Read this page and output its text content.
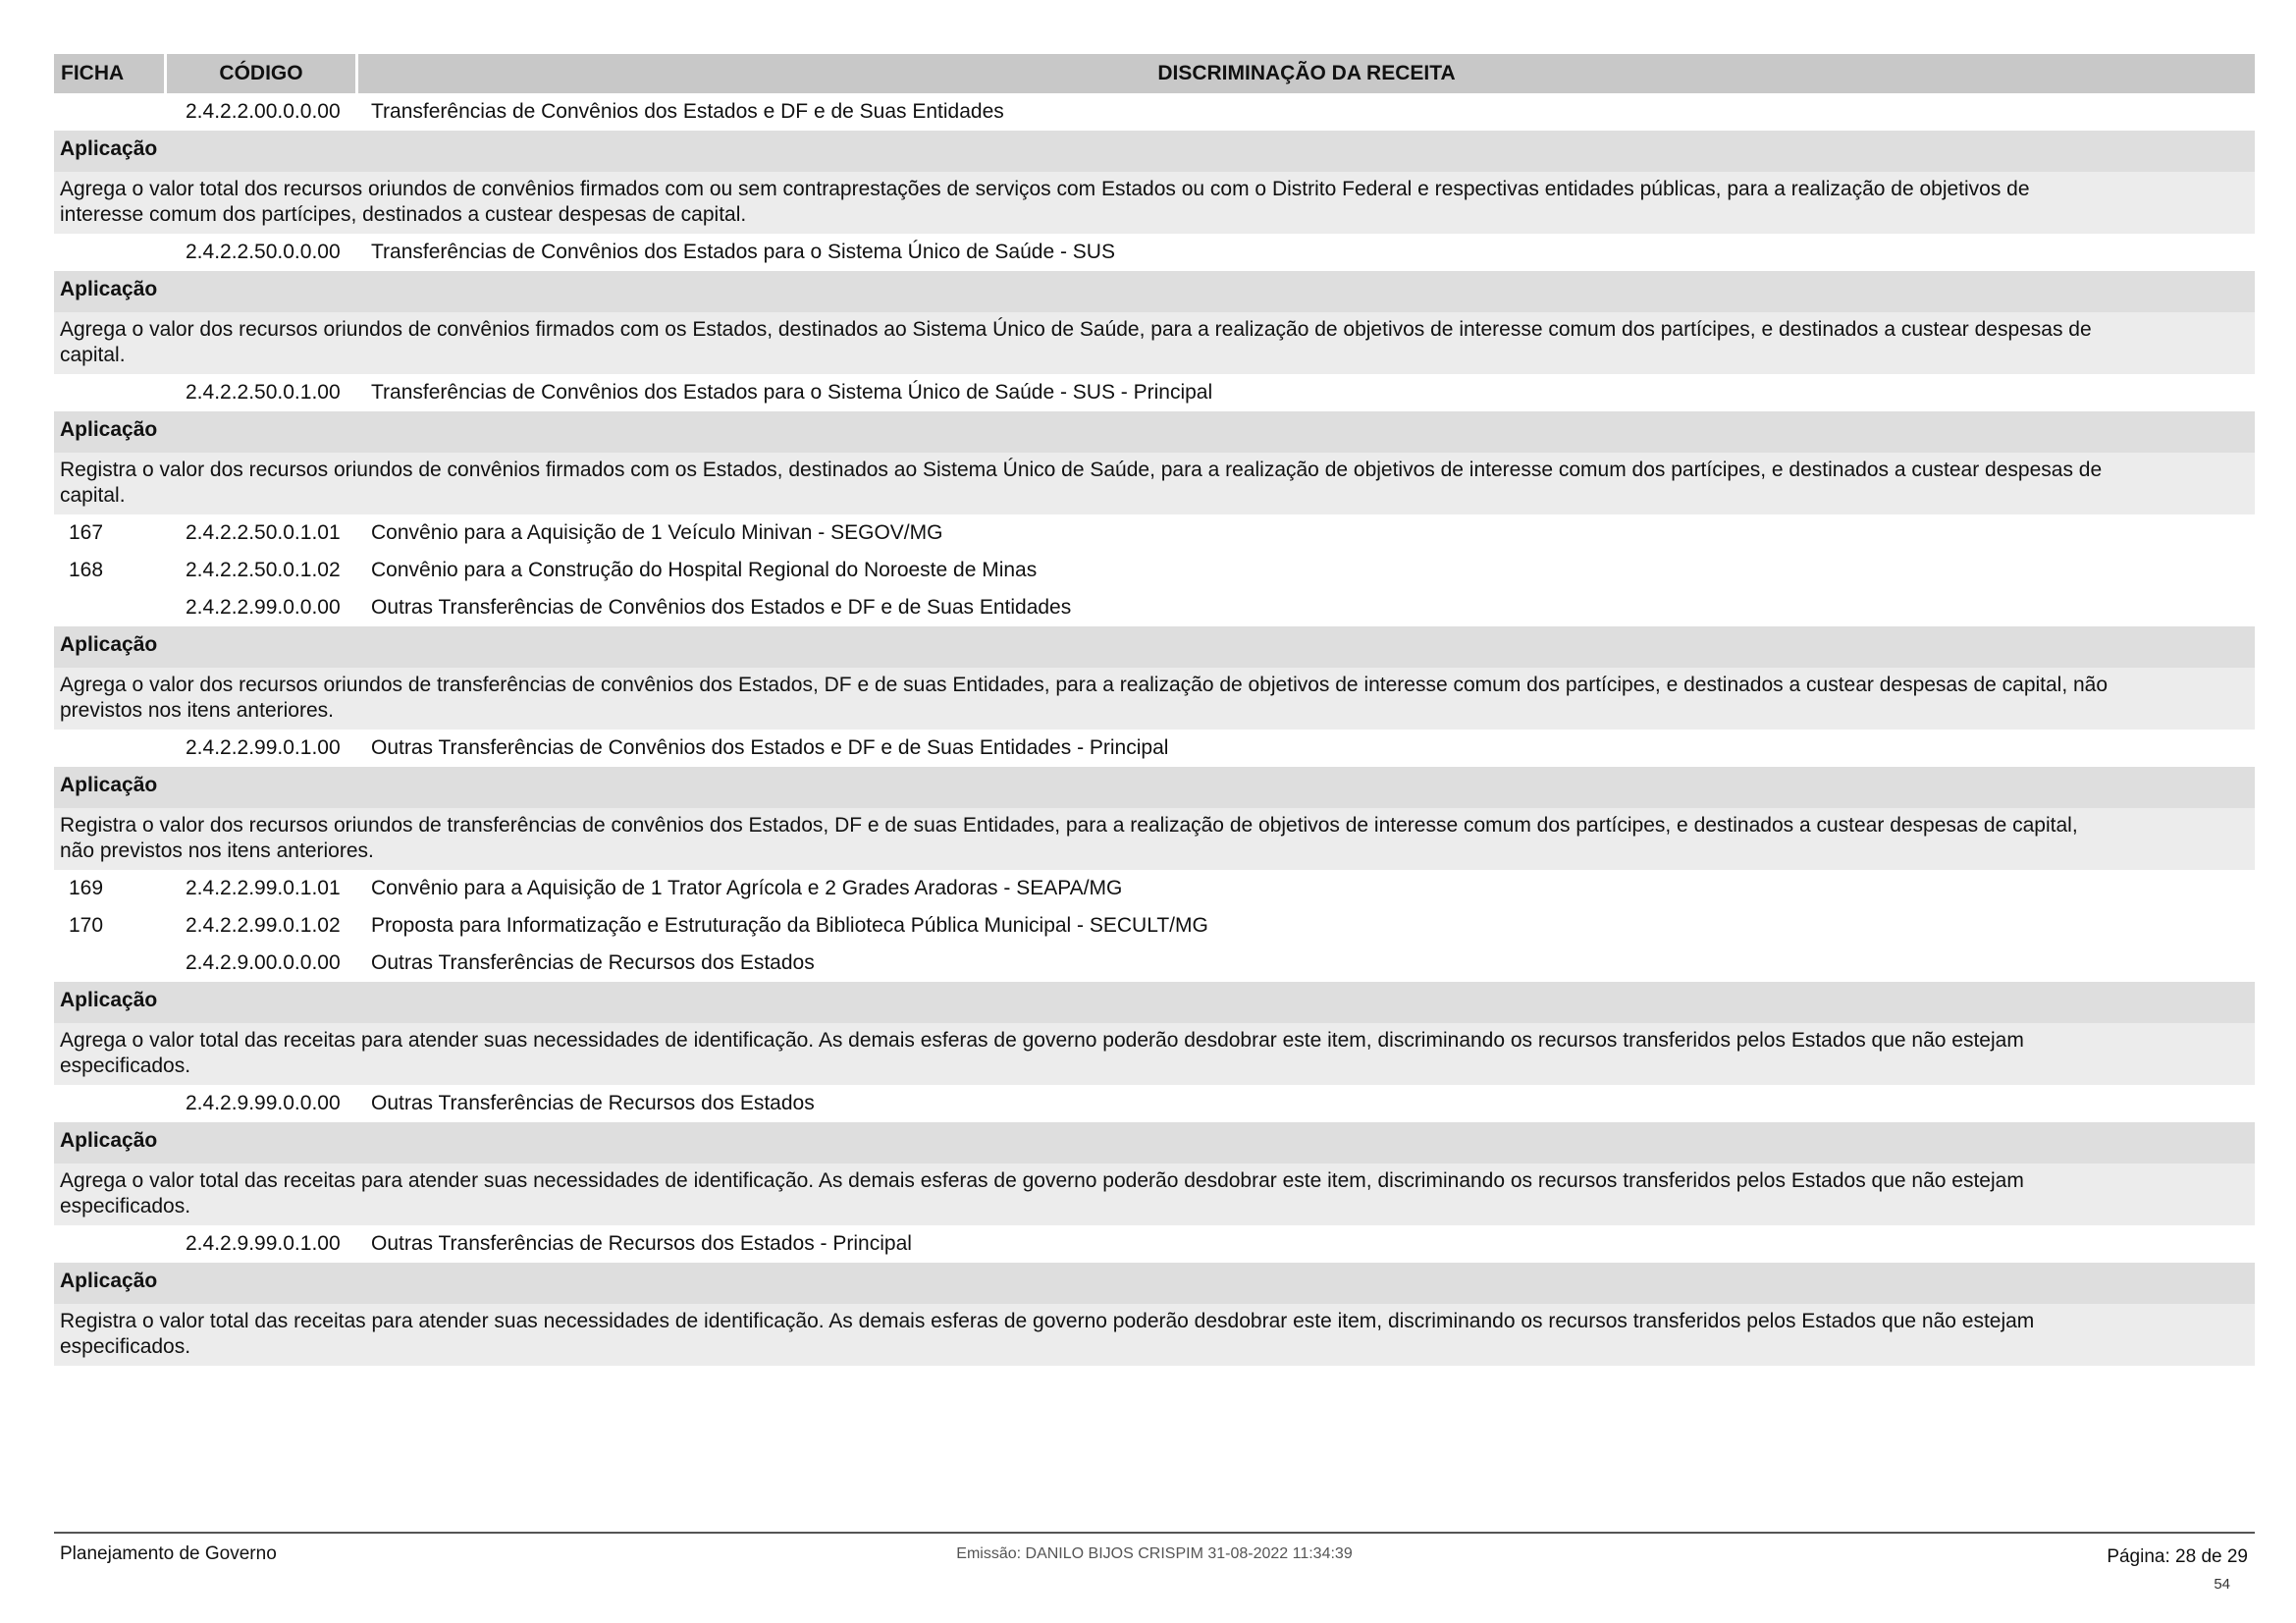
FICHA	CÓDIGO	DISCRIMINAÇÃO DA RECEITA
2.4.2.2.00.0.0.00 Transferências de Convênios dos Estados e DF e de Suas Entidades
Aplicação
Agrega o valor total dos recursos oriundos de convênios firmados com ou sem contraprestações de serviços com Estados ou com o Distrito Federal e respectivas entidades públicas, para a realização de objetivos de
interesse comum dos partícipes, destinados a custear despesas de capital.
2.4.2.2.50.0.0.00 Transferências de Convênios dos Estados para o Sistema Único de Saúde - SUS
Aplicação
Agrega o valor dos recursos oriundos de convênios firmados com os Estados, destinados ao Sistema Único de Saúde, para a realização de objetivos de interesse comum dos partícipes, e destinados a custear despesas de
capital.
2.4.2.2.50.0.1.00 Transferências de Convênios dos Estados para o Sistema Único de Saúde - SUS - Principal
Aplicação
Registra o valor dos recursos oriundos de convênios firmados com os Estados, destinados ao Sistema Único de Saúde, para a realização de objetivos de interesse comum dos partícipes, e destinados a custear despesas de
capital.
167	2.4.2.2.50.0.1.01 Convênio para a Aquisição de 1 Veículo Minivan - SEGOV/MG
168	2.4.2.2.50.0.1.02 Convênio para a Construção do Hospital Regional do Noroeste de Minas
2.4.2.2.99.0.0.00 Outras Transferências de Convênios dos Estados e DF e de Suas Entidades
Aplicação
Agrega o valor dos recursos oriundos de transferências de convênios dos Estados, DF e de suas Entidades, para a realização de objetivos de interesse comum dos partícipes, e destinados a custear despesas de capital, não
previstos nos itens anteriores.
2.4.2.2.99.0.1.00 Outras Transferências de Convênios dos Estados e DF e de Suas Entidades - Principal
Aplicação
Registra o valor dos recursos oriundos de transferências de convênios dos Estados, DF e de suas Entidades, para a realização de objetivos de interesse comum dos partícipes, e destinados a custear despesas de capital,
não previstos nos itens anteriores.
169	2.4.2.2.99.0.1.01 Convênio para a Aquisição de 1 Trator Agrícola e 2 Grades Aradoras - SEAPA/MG
170	2.4.2.2.99.0.1.02 Proposta para Informatização e Estruturação da Biblioteca Pública Municipal - SECULT/MG
2.4.2.9.00.0.0.00 Outras Transferências de Recursos dos Estados
Aplicação
Agrega o valor total das receitas para atender suas necessidades de identificação. As demais esferas de governo poderão desdobrar este item, discriminando os recursos transferidos pelos Estados que não estejam
especificados.
2.4.2.9.99.0.0.00 Outras Transferências de Recursos dos Estados
Aplicação
Agrega o valor total das receitas para atender suas necessidades de identificação. As demais esferas de governo poderão desdobrar este item, discriminando os recursos transferidos pelos Estados que não estejam
especificados.
2.4.2.9.99.0.1.00 Outras Transferências de Recursos dos Estados - Principal
Aplicação
Registra o valor total das receitas para atender suas necessidades de identificação. As demais esferas de governo poderão desdobrar este item, discriminando os recursos transferidos pelos Estados que não estejam
especificados.
Planejamento de Governo	Emissão: DANILO BIJOS CRISPIM 31-08-2022 11:34:39	Página: 28 de 29
54
